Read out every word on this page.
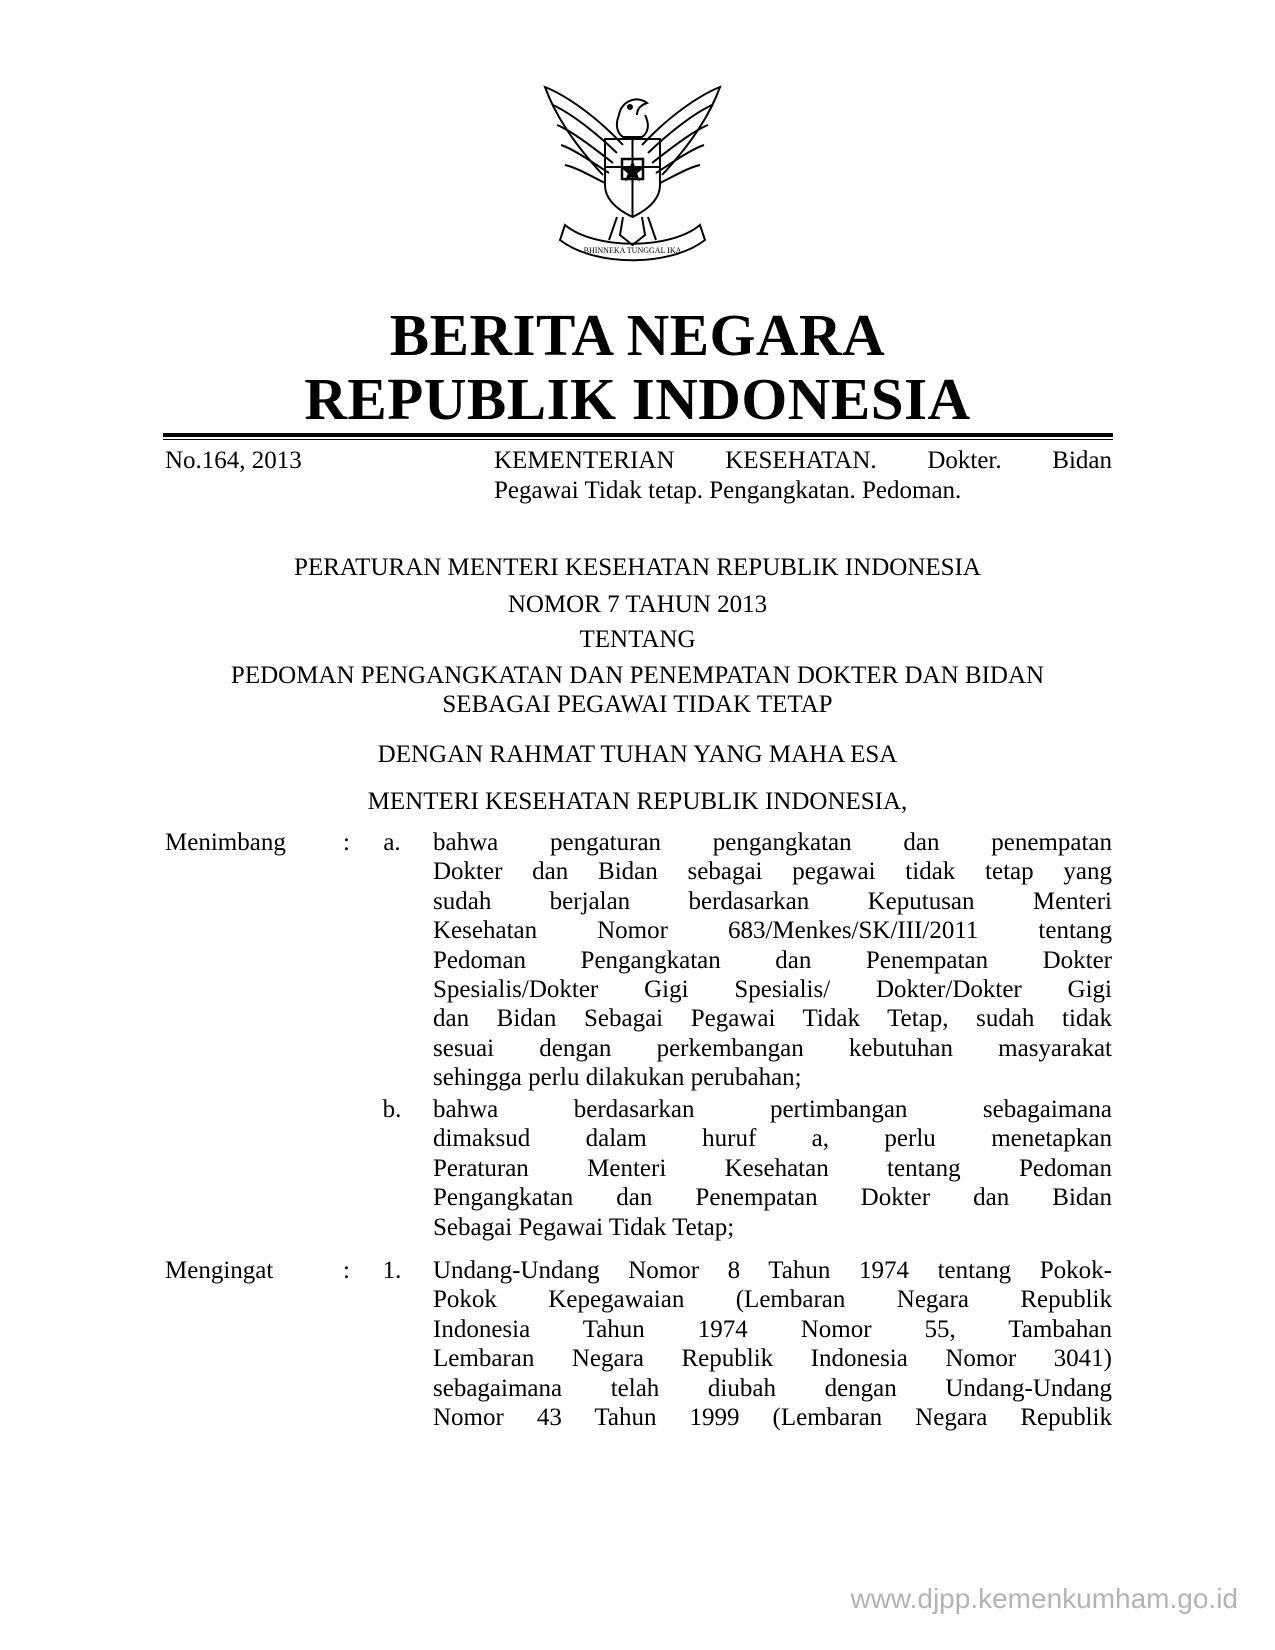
BHINNEKA TUNGGAL IKA
BERITA NEGARA
REPUBLIK INDONESIA
No.164, 2013	KEMENTERIAN KESEHATAN. Dokter. Bidan
Pegawai Tidak tetap. Pengangkatan. Pedoman.
PERATURAN MENTERI KESEHATAN REPUBLIK INDONESIA
NOMOR 7 TAHUN 2013
TENTANG
PEDOMAN PENGANGKATAN DAN PENEMPATAN DOKTER DAN BIDAN
SEBAGAI PEGAWAI TIDAK TETAP
DENGAN RAHMAT TUHAN YANG MAHA ESA
MENTERI KESEHATAN REPUBLIK INDONESIA,
Menimbang :	a.	bahwa pengaturan pengangkatan dan penempatan
Dokter dan Bidan sebagai pegawai tidak tetap yang
sudah berjalan berdasarkan Keputusan Menteri
Kesehatan Nomor 683/Menkes/SK/III/2011 tentang
Pedoman Pengangkatan dan Penempatan Dokter
Spesialis/Dokter Gigi Spesialis/ Dokter/Dokter Gigi
dan Bidan Sebagai Pegawai Tidak Tetap, sudah tidak
sesuai dengan perkembangan kebutuhan masyarakat
sehingga perlu dilakukan perubahan;
b.	bahwa berdasarkan pertimbangan sebagaimana
dimaksud dalam huruf a, perlu menetapkan
Peraturan Menteri Kesehatan tentang Pedoman
Pengangkatan dan Penempatan Dokter dan Bidan
Sebagai Pegawai Tidak Tetap;
Mengingat	:	1.	Undang-Undang Nomor 8 Tahun 1974 tentang Pokok-
Pokok Kepegawaian (Lembaran Negara Republik
Indonesia Tahun 1974 Nomor 55, Tambahan
Lembaran Negara Republik Indonesia Nomor 3041)
sebagaimana telah diubah dengan Undang-Undang
Nomor 43 Tahun 1999 (Lembaran Negara Republik
www.djpp.kemenkumham.go.id
